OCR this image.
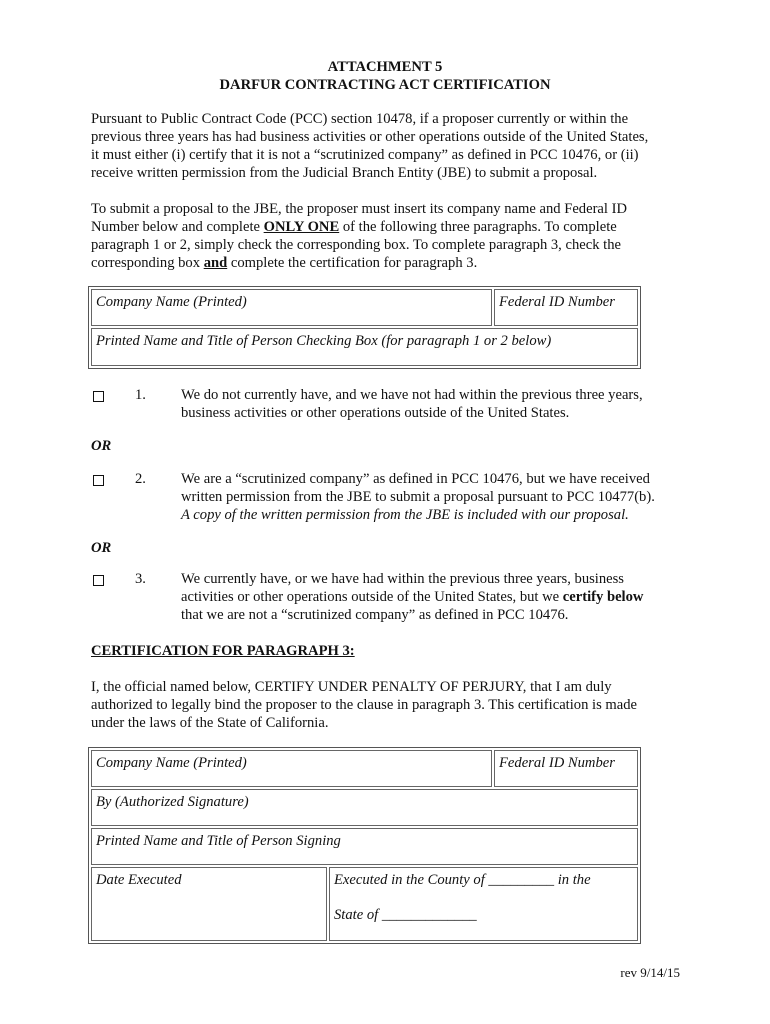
ATTACHMENT 5
DARFUR CONTRACTING ACT CERTIFICATION
Pursuant to Public Contract Code (PCC) section 10478, if a proposer currently or within the
previous three years has had business activities or other operations outside of the United States,
it must either (i) certify that it is not a “scrutinized company” as defined in PCC 10476, or (ii)
receive written permission from the Judicial Branch Entity (JBE) to submit a proposal.
To submit a proposal to the JBE, the proposer must insert its company name and Federal ID
Number below and complete ONLY ONE of the following three paragraphs. To complete
paragraph 1 or 2, simply check the corresponding box. To complete paragraph 3, check the
corresponding box and complete the certification for paragraph 3.
Company Name (Printed)	Federal ID Number
Printed Name and Title of Person Checking Box (for paragraph 1 or 2 below)
1. We do not currently have, and we have not had within the previous three years,
business activities or other operations outside of the United States.
OR
2. We are a “scrutinized company” as defined in PCC 10476, but we have received
written permission from the JBE to submit a proposal pursuant to PCC 10477(b).
A copy of the written permission from the JBE is included with our proposal.
OR
3. We currently have, or we have had within the previous three years, business
activities or other operations outside of the United States, but we certify below
that we are not a “scrutinized company” as defined in PCC 10476.
CERTIFICATION FOR PARAGRAPH 3:
I, the official named below, CERTIFY UNDER PENALTY OF PERJURY, that I am duly
authorized to legally bind the proposer to the clause in paragraph 3. This certification is made
under the laws of the State of California.
Company Name (Printed)	Federal ID Number
By (Authorized Signature)
Printed Name and Title of Person Signing
Date Executed	Executed in the County of _________ in the
State of _____________
rev 9/14/15
